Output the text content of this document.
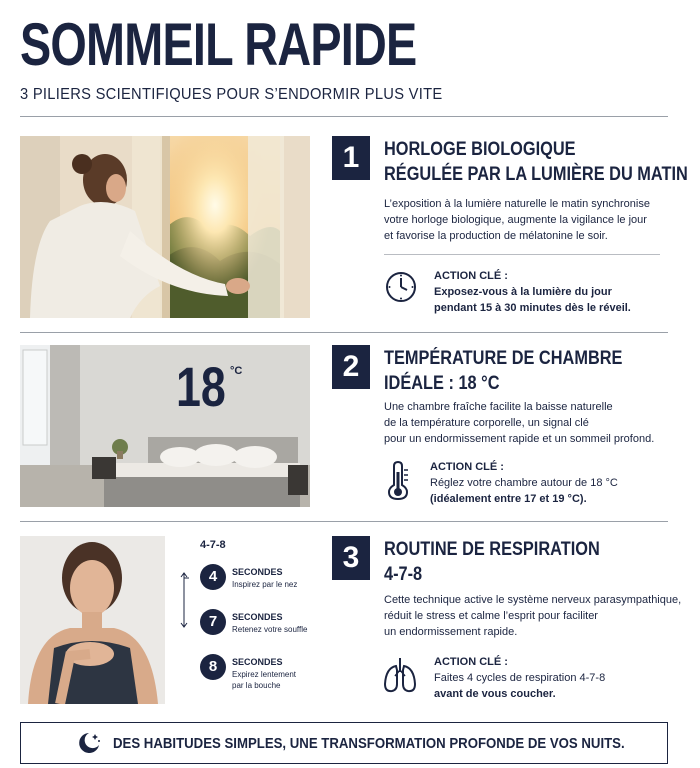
SOMMEIL RAPIDE
3 PILIERS SCIENTIFIQUES POUR S’ENDORMIR PLUS VITE
1	HORLOGE BIOLOGIQUE
RÉGULÉE PAR LA LUMIÈRE DU MATIN
L’exposition à la lumière naturelle le matin synchronise
votre horloge biologique, augmente la vigilance le jour
et favorise la production de mélatonine le soir.
ACTION CLÉ :
Exposez-vous à la lumière du jour
pendant 15 à 30 minutes dès le réveil.
18 °C	2	TEMPÉRATURE DE CHAMBRE
IDÉALE : 18 °C
Une chambre fraîche facilite la baisse naturelle
de la température corporelle, un signal clé
pour un endormissement rapide et un sommeil profond.
ACTION CLÉ :
Réglez votre chambre autour de 18 °C
(idéalement entre 17 et 19 °C).
4-7-8
4	SECONDES
Inspirez par le nez
7	SECONDES
Retenez votre souffle
8	SECONDES
Expirez lentement
par la bouche
3	ROUTINE DE RESPIRATION
4-7-8
Cette technique active le système nerveux parasympathique,
réduit le stress et calme l’esprit pour faciliter
un endormissement rapide.
ACTION CLÉ :
Faites 4 cycles de respiration 4-7-8
avant de vous coucher.
DES HABITUDES SIMPLES, UNE TRANSFORMATION PROFONDE DE VOS NUITS.
